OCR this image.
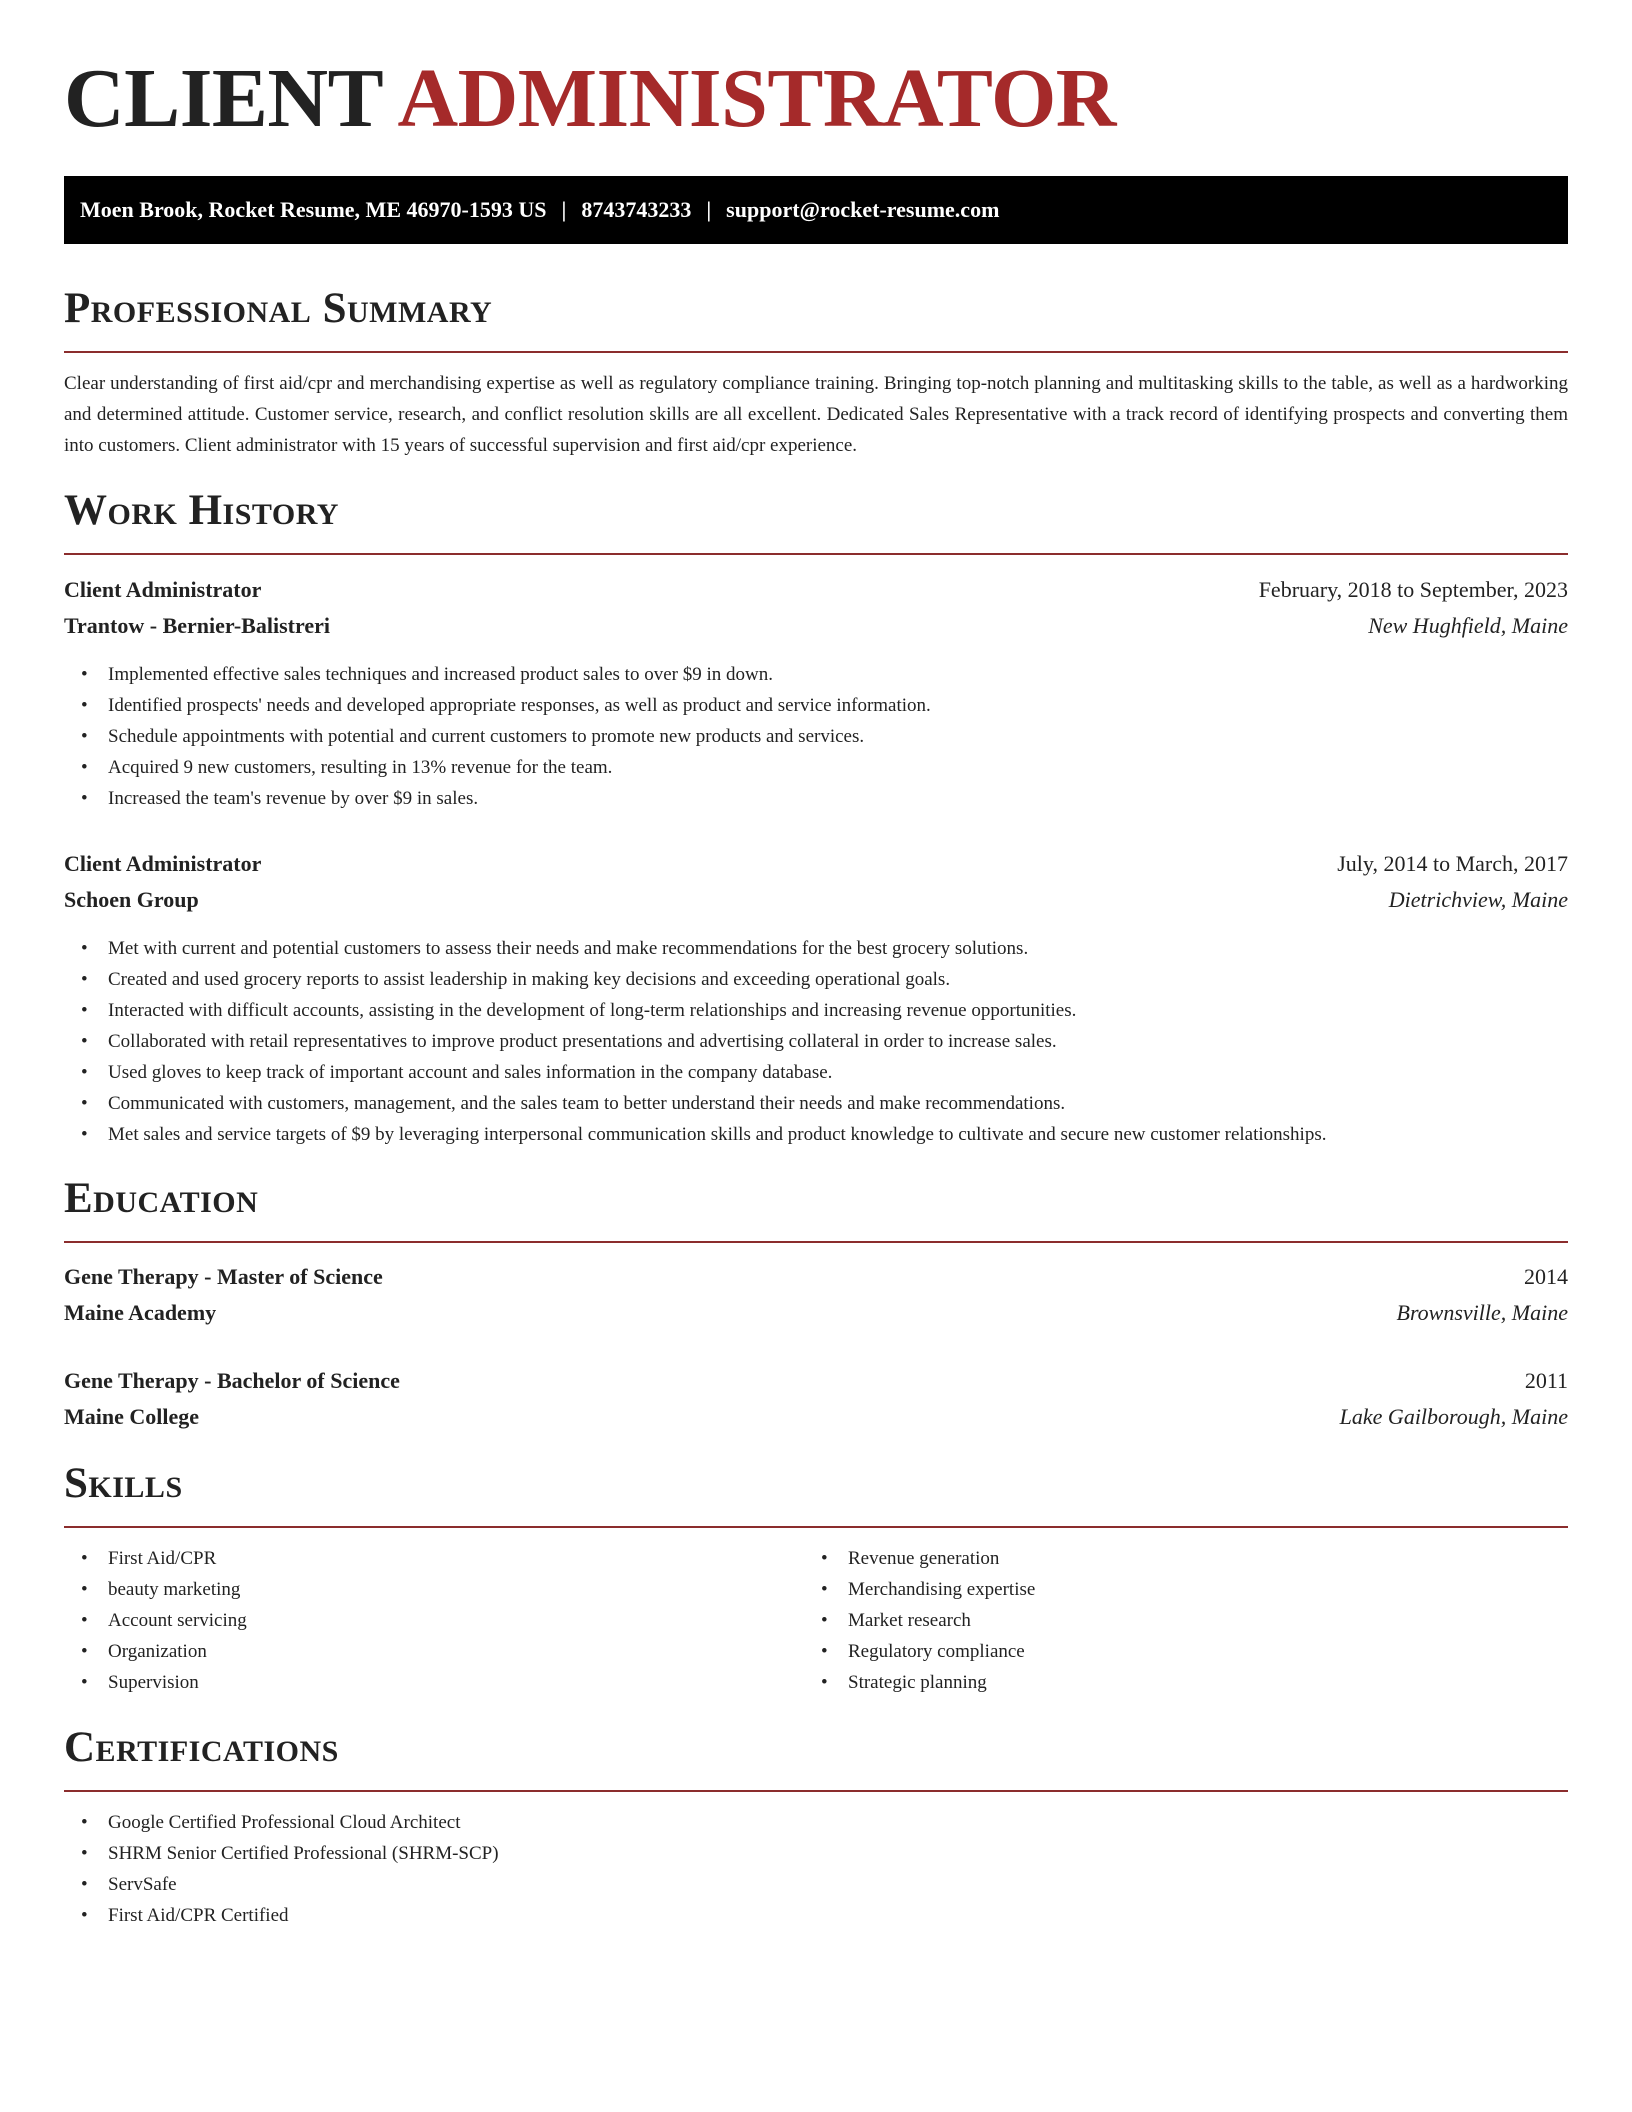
CLIENT ADMINISTRATOR
Moen Brook, Rocket Resume, ME 46970-1593 US | 8743743233 | support@rocket-resume.com
Professional Summary

Clear understanding of first aid/cpr and merchandising expertise as well as regulatory compliance training. Bringing top-notch planning and multitasking skills to the table, as well as a hardworking and determined attitude. Customer service, research, and conflict resolution skills are all excellent. Dedicated Sales Representative with a track record of identifying prospects and converting them into customers. Client administrator with 15 years of successful supervision and first aid/cpr experience.

Work History
Client Administrator	February, 2018 to September, 2023
Trantow - Bernier-Balistreri	New Hughfield, Maine
• Implemented effective sales techniques and increased product sales to over $9 in down.
• Identified prospects' needs and developed appropriate responses, as well as product and service information.
• Schedule appointments with potential and current customers to promote new products and services.
• Acquired 9 new customers, resulting in 13% revenue for the team.
• Increased the team's revenue by over $9 in sales.
Client Administrator	July, 2014 to March, 2017
Schoen Group	Dietrichview, Maine
• Met with current and potential customers to assess their needs and make recommendations for the best grocery solutions.
• Created and used grocery reports to assist leadership in making key decisions and exceeding operational goals.
• Interacted with difficult accounts, assisting in the development of long-term relationships and increasing revenue opportunities.
• Collaborated with retail representatives to improve product presentations and advertising collateral in order to increase sales.
• Used gloves to keep track of important account and sales information in the company database.
• Communicated with customers, management, and the sales team to better understand their needs and make recommendations.
• Met sales and service targets of $9 by leveraging interpersonal communication skills and product knowledge to cultivate and secure new customer relationships.
Education
Gene Therapy - Master of Science	2014
Maine Academy	Brownsville, Maine
Gene Therapy - Bachelor of Science	2011
Maine College	Lake Gailborough, Maine
Skills
• First Aid/CPR
• beauty marketing
• Account servicing
• Organization
• Supervision
• Revenue generation
• Merchandising expertise
• Market research
• Regulatory compliance
• Strategic planning
Certifications
• Google Certified Professional Cloud Architect
• SHRM Senior Certified Professional (SHRM-SCP)
• ServSafe
• First Aid/CPR Certified
